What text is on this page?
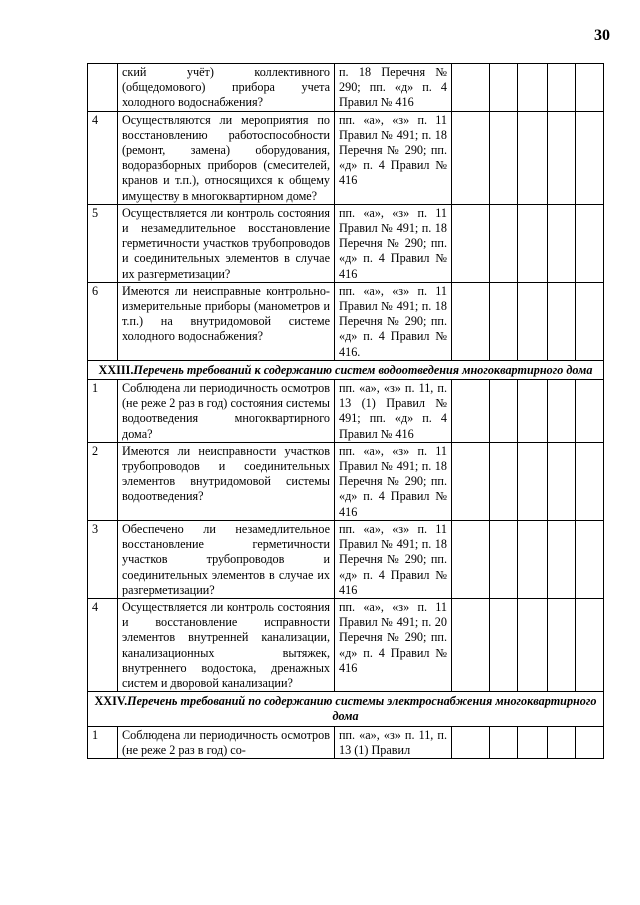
30
	ский учёт) коллективного (общедомового) прибора учета холодного водоснабжения?	п. 18 Перечня № 290; пп. «д» п. 4 Правил № 416					
4	Осуществляются ли мероприятия по восстановлению работоспособности (ремонт, замена) оборудования, водоразборных приборов (смесителей, кранов и т.п.), относящихся к общему имуществу в многоквартирном доме?	пп. «а», «з» п. 11 Правил № 491; п. 18 Перечня № 290; пп. «д» п. 4 Правил № 416					
5	Осуществляется ли контроль состояния и незамедлительное восстановление герметичности участков трубопроводов и соединительных элементов в случае их разгерметизации?	пп. «а», «з» п. 11 Правил № 491; п. 18 Перечня № 290; пп. «д» п. 4 Правил № 416					
6	Имеются ли неисправные контрольно-измерительные приборы (манометров и т.п.) на внутридомовой системе холодного водоснабжения?	пп. «а», «з» п. 11 Правил № 491; п. 18 Перечня № 290; пп. «д» п. 4 Правил № 416.					
XXIII.Перечень требований к содержанию систем водоотведения многоквартирного дома							
1	Соблюдена ли периодичность осмотров (не реже 2 раз в год) состояния системы водоотведения многоквартирного дома?	пп. «а», «з» п. 11, п. 13 (1) Правил № 491; пп. «д» п. 4 Правил № 416					
2	Имеются ли неисправности участков трубопроводов и соединительных элементов внутридомовой системы водоотведения?	пп. «а», «з» п. 11 Правил № 491; п. 18 Перечня № 290; пп. «д» п. 4 Правил № 416					
3	Обеспечено ли незамедлительное восстановление герметичности участков трубопроводов и соединительных элементов в случае их разгерметизации?	пп. «а», «з» п. 11 Правил № 491; п. 18 Перечня № 290; пп. «д» п. 4 Правил № 416					
4	Осуществляется ли контроль состояния и восстановление исправности элементов внутренней канализации, канализационных вытяжек, внутреннего водостока, дренажных систем и дворовой канализации?	пп. «а», «з» п. 11 Правил № 491; п. 20 Перечня № 290; пп. «д» п. 4 Правил № 416					
XXIV.Перечень требований по содержанию системы электроснабжения многоквартирного дома							
1	Соблюдена ли периодичность осмотров (не реже 2 раз в год) со-	пп. «а», «з» п. 11, п. 13 (1) Правил					
